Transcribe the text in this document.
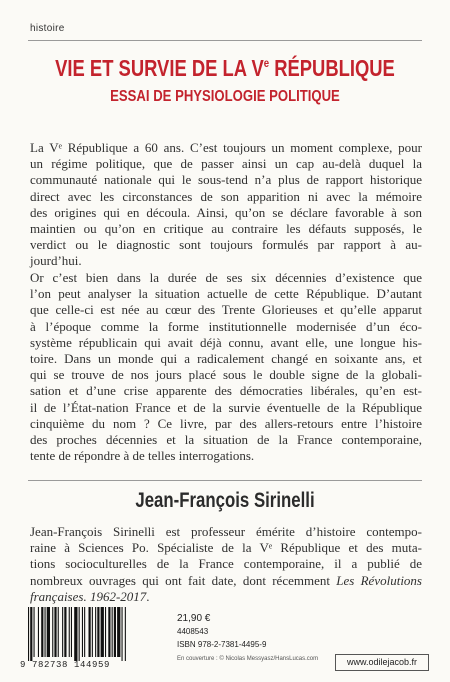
histoire
VIE ET SURVIE DE LA Ve RÉPUBLIQUE
ESSAI DE PHYSIOLOGIE POLITIQUE

La Vᵉ République a 60 ans. C’est toujours un moment complexe, pour
un régime politique, que de passer ainsi un cap au-delà duquel la
communauté nationale qui le sous-tend n’a plus de rapport historique
direct avec les circonstances de son apparition ni avec la mémoire
des origines qui en découla. Ainsi, qu’on se déclare favorable à son
maintien ou qu’on en critique au contraire les défauts supposés, le
verdict ou le diagnostic sont toujours formulés par rapport à au-
jourd’hui.

Or c’est bien dans la durée de ses six décennies d’existence que
l’on peut analyser la situation actuelle de cette République. D’autant
que celle-ci est née au cœur des Trente Glorieuses et qu’elle apparut
à l’époque comme la forme institutionnelle modernisée d’un éco-
système républicain qui avait déjà connu, avant elle, une longue his-
toire. Dans un monde qui a radicalement changé en soixante ans, et
qui se trouve de nos jours placé sous le double signe de la globali-
sation et d’une crise apparente des démocraties libérales, qu’en est-
il de l’État-nation France et de la survie éventuelle de la République
cinquième du nom ? Ce livre, par des allers-retours entre l’histoire
des proches décennies et la situation de la France contemporaine,
tente de répondre à de telles interrogations.

Jean-François Sirinelli

Jean-François Sirinelli est professeur émérite d’histoire contempo-
raine à Sciences Po. Spécialiste de la Vᵉ République et des muta-
tions socioculturelles de la France contemporaine, il a publié de
nombreux ouvrages qui ont fait date, dont récemment Les Révolutions
françaises. 1962-2017.

9 782738 144959
21,90 €
4408543
ISBN 978-2-7381-4495-9
En couverture : © Nicolas Messyasz/HansLucas.com	www.odilejacob.fr
